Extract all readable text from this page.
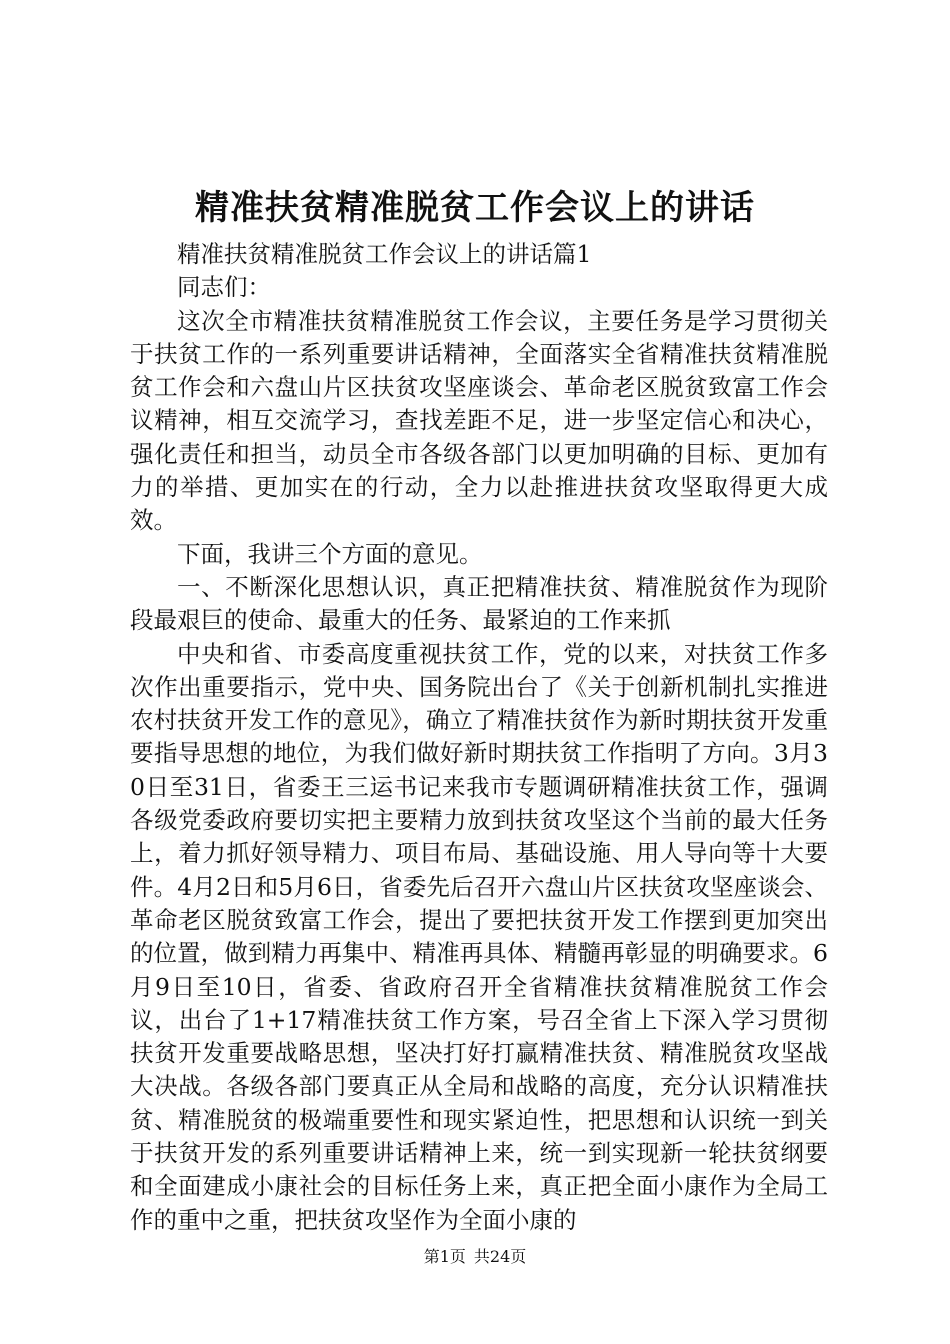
精准扶贫精准脱贫工作会议上的讲话

精准扶贫精准脱贫工作会议上的讲话篇1

同志们：

这次全市精准扶贫精准脱贫工作会议，主要任务是学习贯彻关于扶贫工作的一系列重要讲话精神，全面落实全省精准扶贫精准脱贫工作会和六盘山片区扶贫攻坚座谈会、革命老区脱贫致富工作会议精神，相互交流学习，查找差距不足，进一步坚定信心和决心，强化责任和担当，动员全市各级各部门以更加明确的目标、更加有力的举措、更加实在的行动，全力以赴推进扶贫攻坚取得更大成效。

下面，我讲三个方面的意见。

一、不断深化思想认识，真正把精准扶贫、精准脱贫作为现阶段最艰巨的使命、最重大的任务、最紧迫的工作来抓

中央和省、市委高度重视扶贫工作，党的以来，对扶贫工作多次作出重要指示，党中央、国务院出台了《关于创新机制扎实推进农村扶贫开发工作的意见》，确立了精准扶贫作为新时期扶贫开发重要指导思想的地位，为我们做好新时期扶贫工作指明了方向。3月30日至31日，省委王三运书记来我市专题调研精准扶贫工作，强调各级党委政府要切实把主要精力放到扶贫攻坚这个当前的最大任务上，着力抓好领导精力、项目布局、基础设施、用人导向等十大要件。4月2日和5月6日，省委先后召开六盘山片区扶贫攻坚座谈会、革命老区脱贫致富工作会，提出了要把扶贫开发工作摆到更加突出的位置，做到精力再集中、精准再具体、精髓再彰显的明确要求。6月9日至10日，省委、省政府召开全省精准扶贫精准脱贫工作会议，出台了1+17精准扶贫工作方案，号召全省上下深入学习贯彻扶贫开发重要战略思想，坚决打好打赢精准扶贫、精准脱贫攻坚战大决战。各级各部门要真正从全局和战略的高度，充分认识精准扶贫、精准脱贫的极端重要性和现实紧迫性，把思想和认识统一到关于扶贫开发的系列重要讲话精神上来，统一到实现新一轮扶贫纲要和全面建成小康社会的目标任务上来，真正把全面小康作为全局工作的重中之重，把扶贫攻坚作为全面小康的

第1页 共24页
